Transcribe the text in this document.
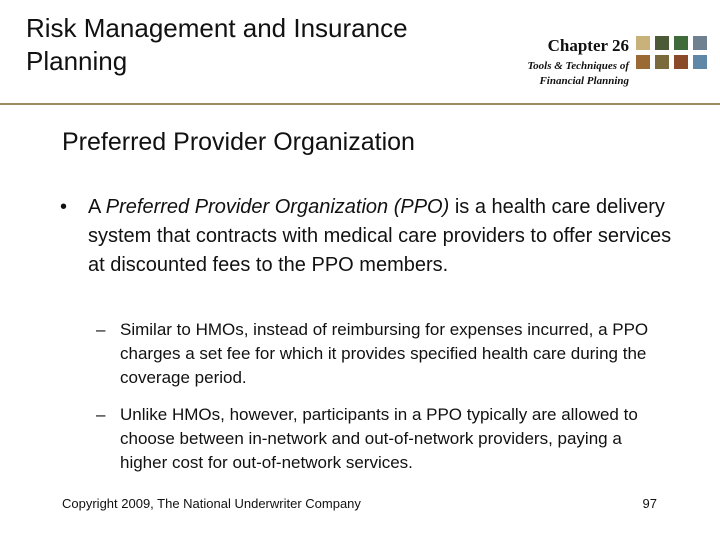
Risk Management and Insurance Planning
Chapter 26
Tools & Techniques of
Financial Planning
Preferred Provider Organization
• A Preferred Provider Organization (PPO) is a health care delivery system that contracts with medical care providers to offer services at discounted fees to the PPO members.
– Similar to HMOs, instead of reimbursing for expenses incurred, a PPO charges a set fee for which it provides specified health care during the coverage period.
– Unlike HMOs, however, participants in a PPO typically are allowed to choose between in-network and out-of-network providers, paying a higher cost for out-of-network services.
Copyright 2009, The National Underwriter Company	97
